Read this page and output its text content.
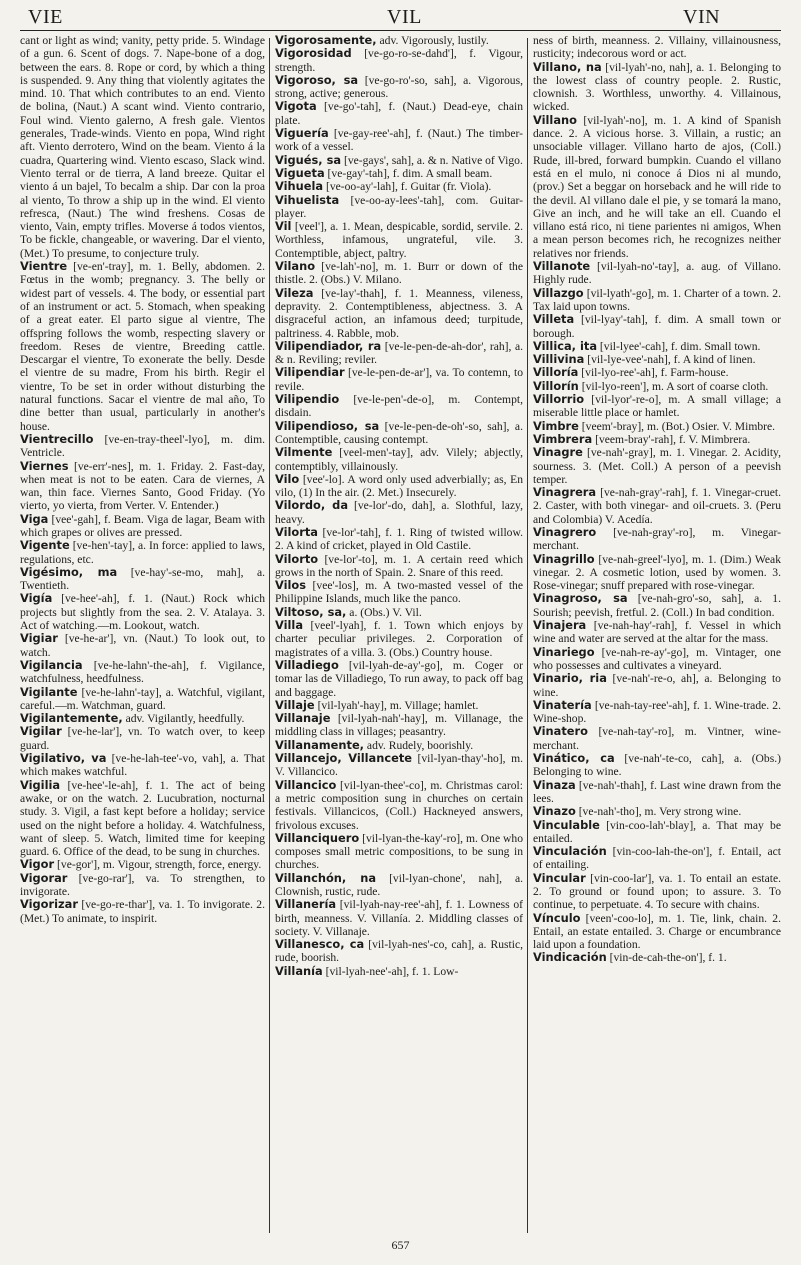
VIE	VIL	VIN

cant or light as wind; vanity, petty pride. 5. Windage of a gun. 6. Scent of dogs. 7. Nape-bone of a dog, between the ears. 8. Rope or cord, by which a thing is suspended. 9. Any thing that violently agitates the mind. 10. That which contributes to an end. Viento de bolina, (Naut.) A scant wind. Viento contrario, Foul wind. Viento galerno, A fresh gale. Vientos generales, Trade-winds. Viento en popa, Wind right aft. Viento derrotero, Wind on the beam. Viento á la cuadra, Quartering wind. Viento escaso, Slack wind. Viento terral or de tierra, A land breeze. Quitar el viento á un bajel, To becalm a ship. Dar con la proa al viento, To throw a ship up in the wind. El viento refresca, (Naut.) The wind freshens. Cosas de viento, Vain, empty trifles. Moverse á todos vientos, To be fickle, changeable, or wavering. Dar el viento, (Met.) To presume, to conjecture truly.

Vientre [ve-en'-tray], m. 1. Belly, abdomen. 2. Fœtus in the womb; pregnancy. 3. The belly or widest part of vessels. 4. The body, or essential part of an instrument or act. 5. Stomach, when speaking of a great eater. El parto sigue al vientre, The offspring follows the womb, respecting slavery or freedom. Reses de vientre, Breeding cattle. Descargar el vientre, To exonerate the belly. Desde el vientre de su madre, From his birth. Regir el vientre, To be set in order without disturbing the natural functions. Sacar el vientre de mal año, To dine better than usual, particularly in another's house.

Vientrecillo [ve-en-tray-theel'-lyo], m. dim. Ventricle.

Viernes [ve-err'-nes], m. 1. Friday. 2. Fast-day, when meat is not to be eaten. Cara de viernes, A wan, thin face. Viernes Santo, Good Friday. (Yo vierto, yo vierta, from Verter. V. Entender.)

Viga [vee'-gah], f. Beam. Viga de lagar, Beam with which grapes or olives are pressed.

Vigente [ve-hen'-tay], a. In force: applied to laws, regulations, etc.

Vigésimo, ma [ve-hay'-se-mo, mah], a. Twentieth.

Vigía [ve-hee'-ah], f. 1. (Naut.) Rock which projects but slightly from the sea. 2. V. Atalaya. 3. Act of watching.—m. Lookout, watch.

Vigiar [ve-he-ar'], vn. (Naut.) To look out, to watch.

Vigilancia [ve-he-lahn'-the-ah], f. Vigilance, watchfulness, heedfulness.

Vigilante [ve-he-lahn'-tay], a. Watchful, vigilant, careful.—m. Watchman, guard.

Vigilantemente, adv. Vigilantly, heedfully.

Vigilar [ve-he-lar'], vn. To watch over, to keep guard.

Vigilativo, va [ve-he-lah-tee'-vo, vah], a. That which makes watchful.

Vigilia [ve-hee'-le-ah], f. 1. The act of being awake, or on the watch. 2. Lucubration, nocturnal study. 3. Vigil, a fast kept before a holiday; service used on the night before a holiday. 4. Watchfulness, want of sleep. 5. Watch, limited time for keeping guard. 6. Office of the dead, to be sung in churches.

Vigor [ve-gor'], m. Vigour, strength, force, energy.

Vigorar [ve-go-rar'], va. To strengthen, to invigorate.

Vigorizar [ve-go-re-thar'], va. 1. To invigorate. 2. (Met.) To animate, to inspirit.

Vigorosamente, adv. Vigorously, lustily.

Vigorosidad [ve-go-ro-se-dahd'], f. Vigour, strength.

Vigoroso, sa [ve-go-ro'-so, sah], a. Vigorous, strong, active; generous.

Vigota [ve-go'-tah], f. (Naut.) Dead-eye, chain plate.

Viguería [ve-gay-ree'-ah], f. (Naut.) The timber-work of a vessel.

Vigués, sa [ve-gays', sah], a. & n. Native of Vigo.

Vigueta [ve-gay'-tah], f. dim. A small beam.

Vihuela [ve-oo-ay'-lah], f. Guitar (fr. Viola).

Vihuelista [ve-oo-ay-lees'-tah], com. Guitar-player.

Vil [veel'], a. 1. Mean, despicable, sordid, servile. 2. Worthless, infamous, ungrateful, vile. 3. Contemptible, abject, paltry.

Vilano [ve-lah'-no], m. 1. Burr or down of the thistle. 2. (Obs.) V. Milano.

Vileza [ve-lay'-thah], f. 1. Meanness, vileness, depravity. 2. Contemptibleness, abjectness. 3. A disgraceful action, an infamous deed; turpitude, paltriness. 4. Rabble, mob.

Vilipendiador, ra [ve-le-pen-de-ah-dor', rah], a. & n. Reviling; reviler.

Vilipendiar [ve-le-pen-de-ar'], va. To contemn, to revile.

Vilipendio [ve-le-pen'-de-o], m. Contempt, disdain.

Vilipendioso, sa [ve-le-pen-de-oh'-so, sah], a. Contemptible, causing contempt.

Vilmente [veel-men'-tay], adv. Vilely; abjectly, contemptibly, villainously.

Vilo [vee'-lo]. A word only used adverbially; as, En vilo, (1) In the air. (2. Met.) Insecurely.

Vilordo, da [ve-lor'-do, dah], a. Slothful, lazy, heavy.

Vilorta [ve-lor'-tah], f. 1. Ring of twisted willow. 2. A kind of cricket, played in Old Castile.

Vilorto [ve-lor'-to], m. 1. A certain reed which grows in the north of Spain. 2. Snare of this reed.

Vilos [vee'-los], m. A two-masted vessel of the Philippine Islands, much like the panco.

Viltoso, sa, a. (Obs.) V. Vil.

Villa [veel'-lyah], f. 1. Town which enjoys by charter peculiar privileges. 2. Corporation of magistrates of a villa. 3. (Obs.) Country house.

Villadiego [vil-lyah-de-ay'-go], m. Coger or tomar las de Villadiego, To run away, to pack off bag and baggage.

Villaje [vil-lyah'-hay], m. Village; hamlet.

Villanaje [vil-lyah-nah'-hay], m. Villanage, the middling class in villages; peasantry.

Villanamente, adv. Rudely, boorishly.

Villancejo, Villancete [vil-lyan-thay'-ho], m. V. Villancico.

Villancico [vil-lyan-thee'-co], m. Christmas carol: a metric composition sung in churches on certain festivals. Villancicos, (Coll.) Hackneyed answers, frivolous excuses.

Villanciquero [vil-lyan-the-kay'-ro], m. One who composes small metric compositions, to be sung in churches.

Villanchón, na [vil-lyan-chone', nah], a. Clownish, rustic, rude.

Villanería [vil-lyah-nay-ree'-ah], f. 1. Lowness of birth, meanness. V. Villanía. 2. Middling classes of society. V. Villanaje.

Villanesco, ca [vil-lyah-nes'-co, cah], a. Rustic, rude, boorish.

Villanía [vil-lyah-nee'-ah], f. 1. Low-

ness of birth, meanness. 2. Villainy, villainousness, rusticity; indecorous word or act.

Villano, na [vil-lyah'-no, nah], a. 1. Belonging to the lowest class of country people. 2. Rustic, clownish. 3. Worthless, unworthy. 4. Villainous, wicked.

Villano [vil-lyah'-no], m. 1. A kind of Spanish dance. 2. A vicious horse. 3. Villain, a rustic; an unsociable villager. Villano harto de ajos, (Coll.) Rude, ill-bred, forward bumpkin. Cuando el villano está en el mulo, ni conoce á Dios ni al mundo, (prov.) Set a beggar on horseback and he will ride to the devil. Al villano dale el pie, y se tomará la mano, Give an inch, and he will take an ell. Cuando el villano está rico, ni tiene parientes ni amigos, When a mean person becomes rich, he recognizes neither relatives nor friends.

Villanote [vil-lyah-no'-tay], a. aug. of Villano. Highly rude.

Villazgo [vil-lyath'-go], m. 1. Charter of a town. 2. Tax laid upon towns.

Villeta [vil-lyay'-tah], f. dim. A small town or borough.

Villica, ita [vil-lyee'-cah], f. dim. Small town.

Villivina [vil-lye-vee'-nah], f. A kind of linen.

Villoría [vil-lyo-ree'-ah], f. Farm-house.

Villorín [vil-lyo-reen'], m. A sort of coarse cloth.

Villorrio [vil-lyor'-re-o], m. A small village; a miserable little place or hamlet.

Vimbre [veem'-bray], m. (Bot.) Osier. V. Mimbre.

Vimbrera [veem-bray'-rah], f. V. Mimbrera.

Vinagre [ve-nah'-gray], m. 1. Vinegar. 2. Acidity, sourness. 3. (Met. Coll.) A person of a peevish temper.

Vinagrera [ve-nah-gray'-rah], f. 1. Vinegar-cruet. 2. Caster, with both vinegar- and oil-cruets. 3. (Peru and Colombia) V. Acedía.

Vinagrero [ve-nah-gray'-ro], m. Vinegar-merchant.

Vinagrillo [ve-nah-greel'-lyo], m. 1. (Dim.) Weak vinegar. 2. A cosmetic lotion, used by women. 3. Rose-vinegar; snuff prepared with rose-vinegar.

Vinagroso, sa [ve-nah-gro'-so, sah], a. 1. Sourish; peevish, fretful. 2. (Coll.) In bad condition.

Vinajera [ve-nah-hay'-rah], f. Vessel in which wine and water are served at the altar for the mass.

Vinariego [ve-nah-re-ay'-go], m. Vintager, one who possesses and cultivates a vineyard.

Vinario, ria [ve-nah'-re-o, ah], a. Belonging to wine.

Vinatería [ve-nah-tay-ree'-ah], f. 1. Wine-trade. 2. Wine-shop.

Vinatero [ve-nah-tay'-ro], m. Vintner, wine-merchant.

Vinático, ca [ve-nah'-te-co, cah], a. (Obs.) Belonging to wine.

Vinaza [ve-nah'-thah], f. Last wine drawn from the lees.

Vinazo [ve-nah'-tho], m. Very strong wine.

Vinculable [vin-coo-lah'-blay], a. That may be entailed.

Vinculación [vin-coo-lah-the-on'], f. Entail, act of entailing.

Vincular [vin-coo-lar'], va. 1. To entail an estate. 2. To ground or found upon; to assure. 3. To continue, to perpetuate. 4. To secure with chains.

Vínculo [veen'-coo-lo], m. 1. Tie, link, chain. 2. Entail, an estate entailed. 3. Charge or encumbrance laid upon a foundation.

Vindicación [vin-de-cah-the-on'], f. 1.

657
